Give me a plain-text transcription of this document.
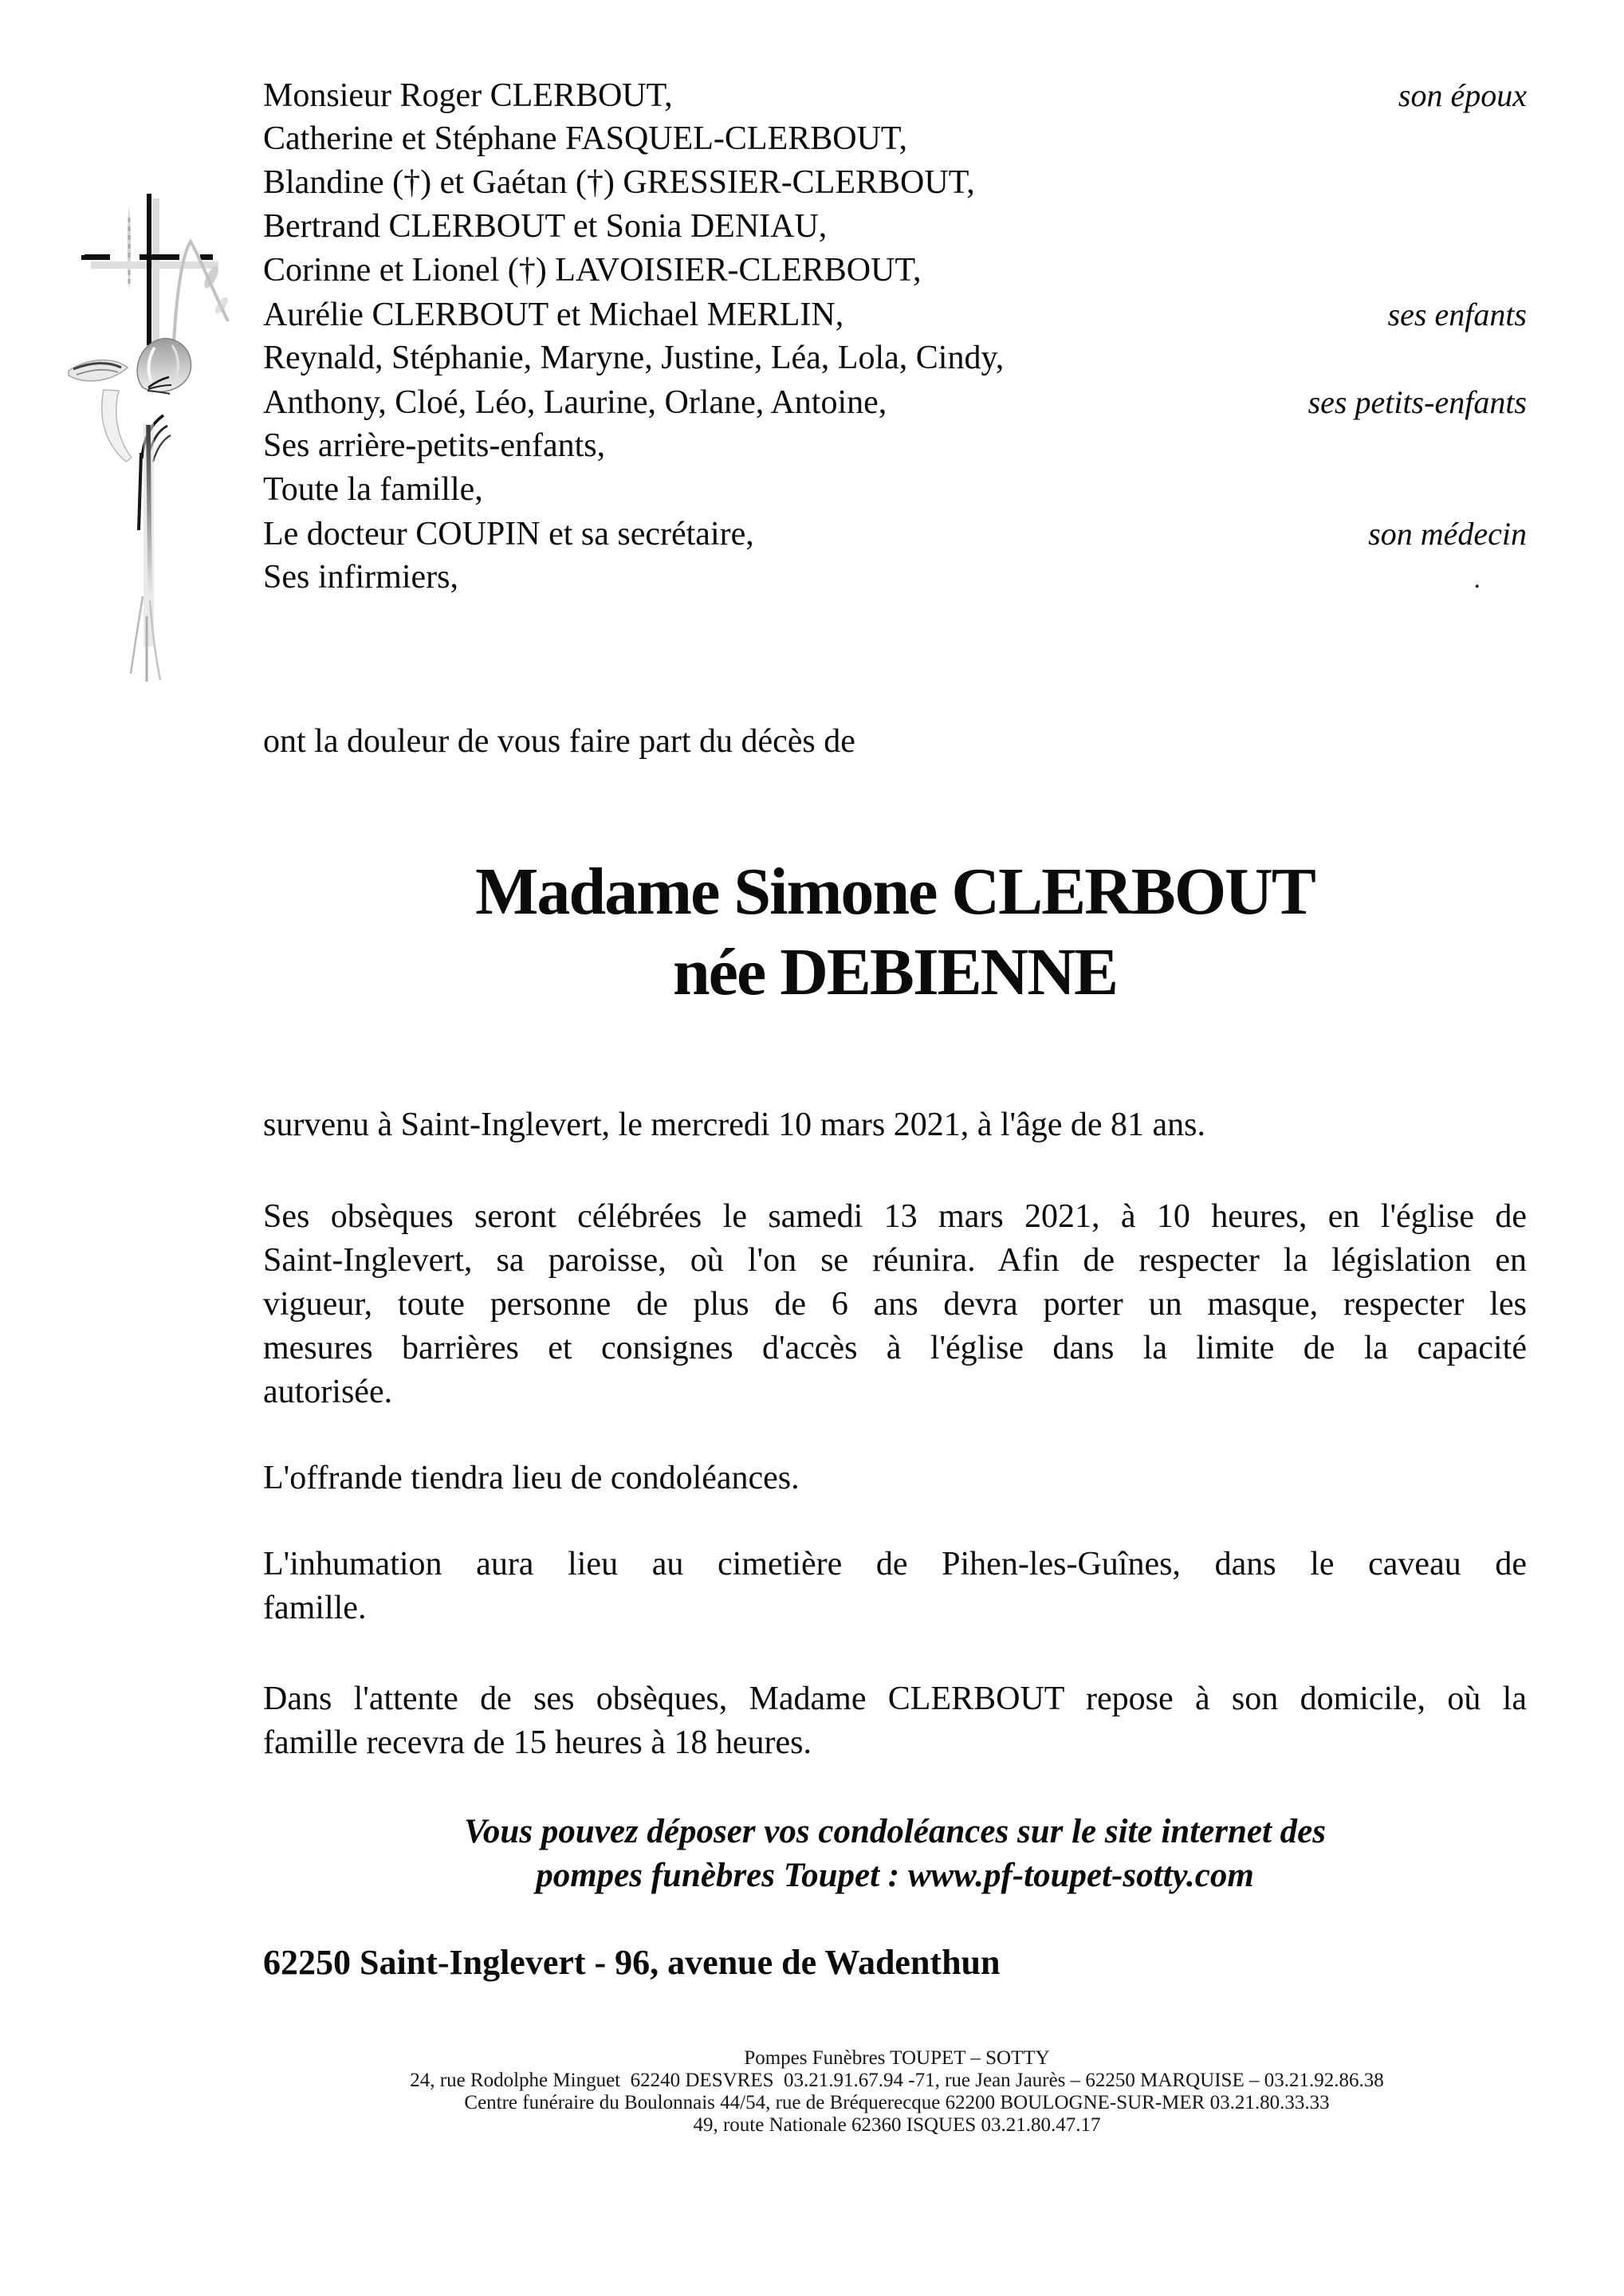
Monsieur Roger CLERBOUT,	son époux
Catherine et Stéphane FASQUEL-CLERBOUT,
Blandine (†) et Gaétan (†) GRESSIER-CLERBOUT,
Bertrand CLERBOUT et Sonia DENIAU,
Corinne et Lionel (†) LAVOISIER-CLERBOUT,
Aurélie CLERBOUT et Michael MERLIN,	ses enfants
Reynald, Stéphanie, Maryne, Justine, Léa, Lola, Cindy,
Anthony, Cloé, Léo, Laurine, Orlane, Antoine,	ses petits-enfants
Ses arrière-petits-enfants,
Toute la famille,
Le docteur COUPIN et sa secrétaire,	son médecin
Ses infirmiers,	.
ont la douleur de vous faire part du décès de
Madame Simone CLERBOUT
née DEBIENNE
survenu à Saint-Inglevert, le mercredi 10 mars 2021, à l'âge de 81 ans.
Ses obsèques seront célébrées le samedi 13 mars 2021, à 10 heures, en l'église de
Saint-Inglevert, sa paroisse, où l'on se réunira. Afin de respecter la législation en
vigueur, toute personne de plus de 6 ans devra porter un masque, respecter les
mesures barrières et consignes d'accès à l'église dans la limite de la capacité
autorisée.
L'offrande tiendra lieu de condoléances.
L'inhumation aura lieu au cimetière de Pihen-les-Guînes, dans le caveau de
famille.
Dans l'attente de ses obsèques, Madame CLERBOUT repose à son domicile, où la
famille recevra de 15 heures à 18 heures.
Vous pouvez déposer vos condoléances sur le site internet des
pompes funèbres Toupet : www.pf-toupet-sotty.com
62250 Saint-Inglevert - 96, avenue de Wadenthun
Pompes Funèbres TOUPET – SOTTY
24, rue Rodolphe Minguet  62240 DESVRES  03.21.91.67.94 -71, rue Jean Jaurès – 62250 MARQUISE – 03.21.92.86.38
Centre funéraire du Boulonnais 44/54, rue de Bréquerecque 62200 BOULOGNE-SUR-MER 03.21.80.33.33
49, route Nationale 62360 ISQUES 03.21.80.47.17
